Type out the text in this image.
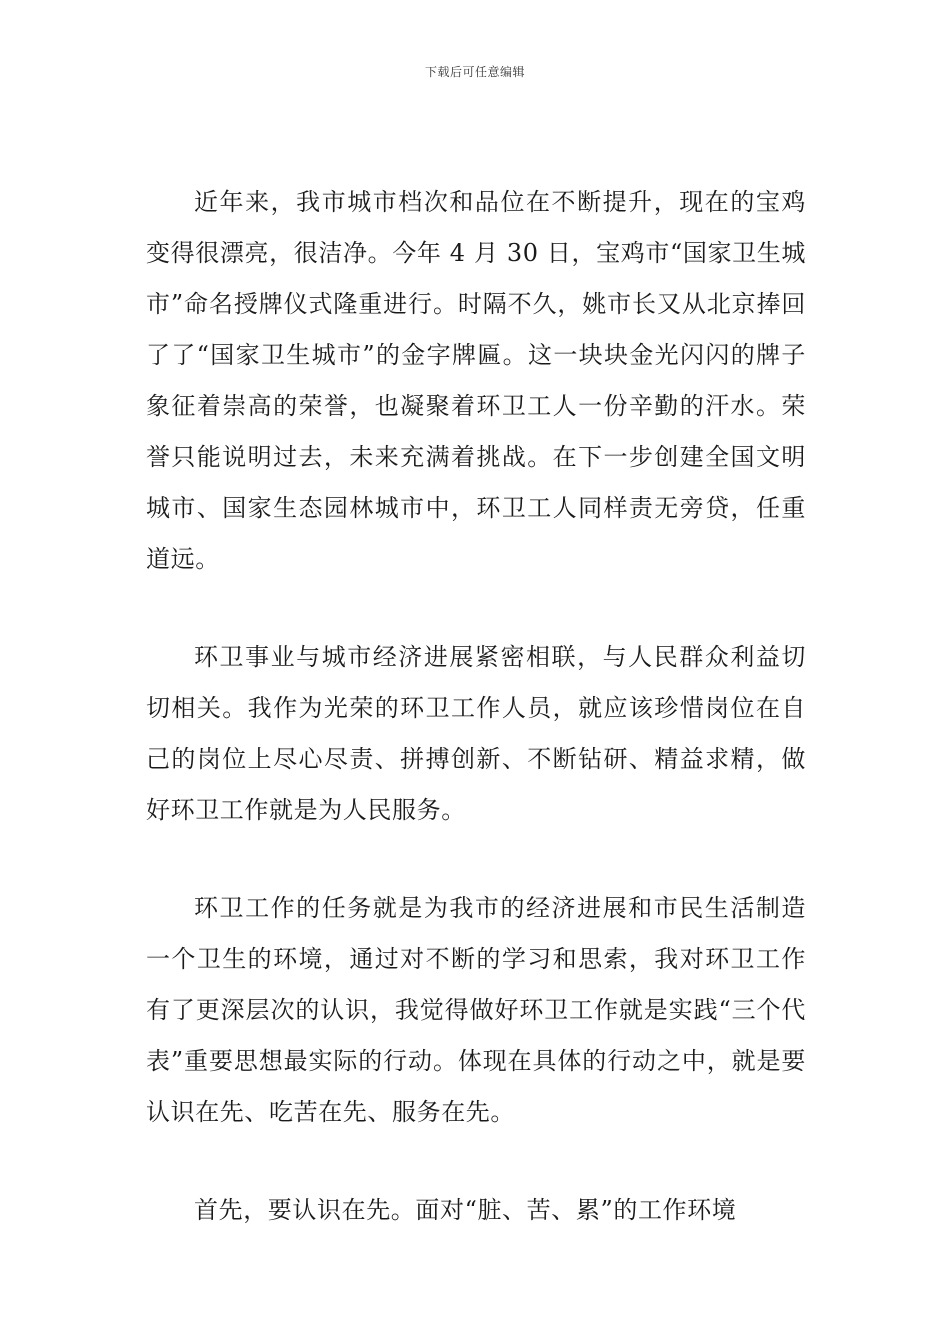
下载后可任意编辑

近年来，我市城市档次和品位在不断提升，现在的宝鸡变得很漂亮，很洁净。今年 4 月 30 日，宝鸡市“国家卫生城市”命名授牌仪式隆重进行。时隔不久，姚市长又从北京捧回了了“国家卫生城市”的金字牌匾。这一块块金光闪闪的牌子象征着崇高的荣誉，也凝聚着环卫工人一份辛勤的汗水。荣誉只能说明过去，未来充满着挑战。在下一步创建全国文明城市、国家生态园林城市中，环卫工人同样责无旁贷，任重道远。

环卫事业与城市经济进展紧密相联，与人民群众利益切切相关。我作为光荣的环卫工作人员，就应该珍惜岗位在自己的岗位上尽心尽责、拼搏创新、不断钻研、精益求精，做好环卫工作就是为人民服务。

环卫工作的任务就是为我市的经济进展和市民生活制造一个卫生的环境，通过对不断的学习和思索，我对环卫工作有了更深层次的认识，我觉得做好环卫工作就是实践“三个代表”重要思想最实际的行动。体现在具体的行动之中，就是要认识在先、吃苦在先、服务在先。

首先，要认识在先。面对“脏、苦、累”的工作环境
